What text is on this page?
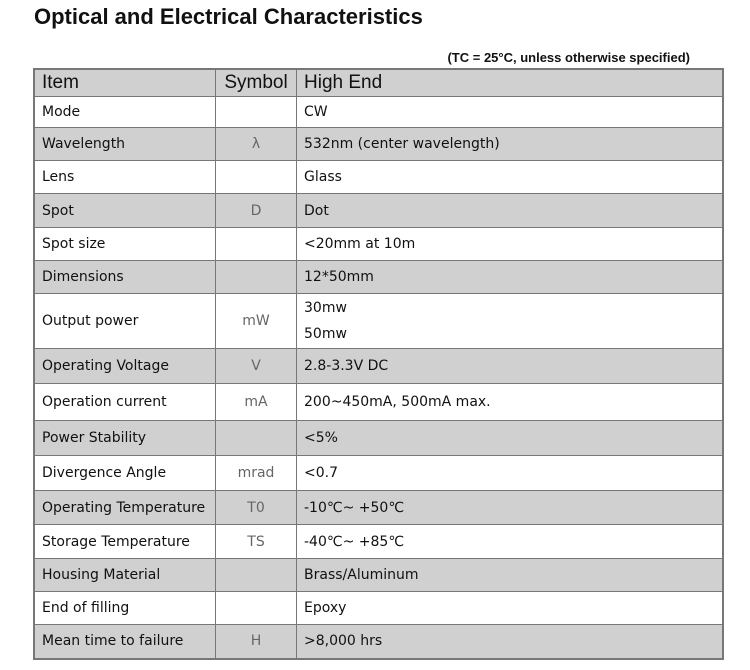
Optical and Electrical Characteristics
(TC = 25°C, unless otherwise specified)
Item	Symbol	High End
Mode		CW

Wavelength	λ	532nm (center wavelength)

Lens		Glass

Spot	D	Dot

Spot size		<20mm at 10m

Dimensions		12*50mm

Output power	mW	30mw
50mw

Operating Voltage	V	2.8-3.3V DC

Operation current	mA	200~450mA, 500mA max.

Power Stability		<5%

Divergence Angle	mrad	<0.7

Operating Temperature	T0	-10℃~ +50℃

Storage Temperature	TS	-40℃~ +85℃

Housing Material		Brass/Aluminum

End of filling		Epoxy

Mean time to failure	H	>8,000 hrs
